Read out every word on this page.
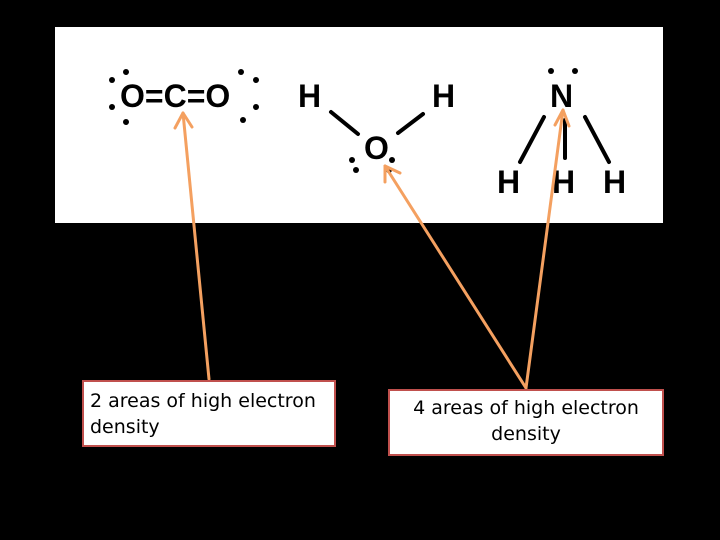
O=C=O H	H
O
N
H H H
2 areas of high electron density
4 areas of high electron density
